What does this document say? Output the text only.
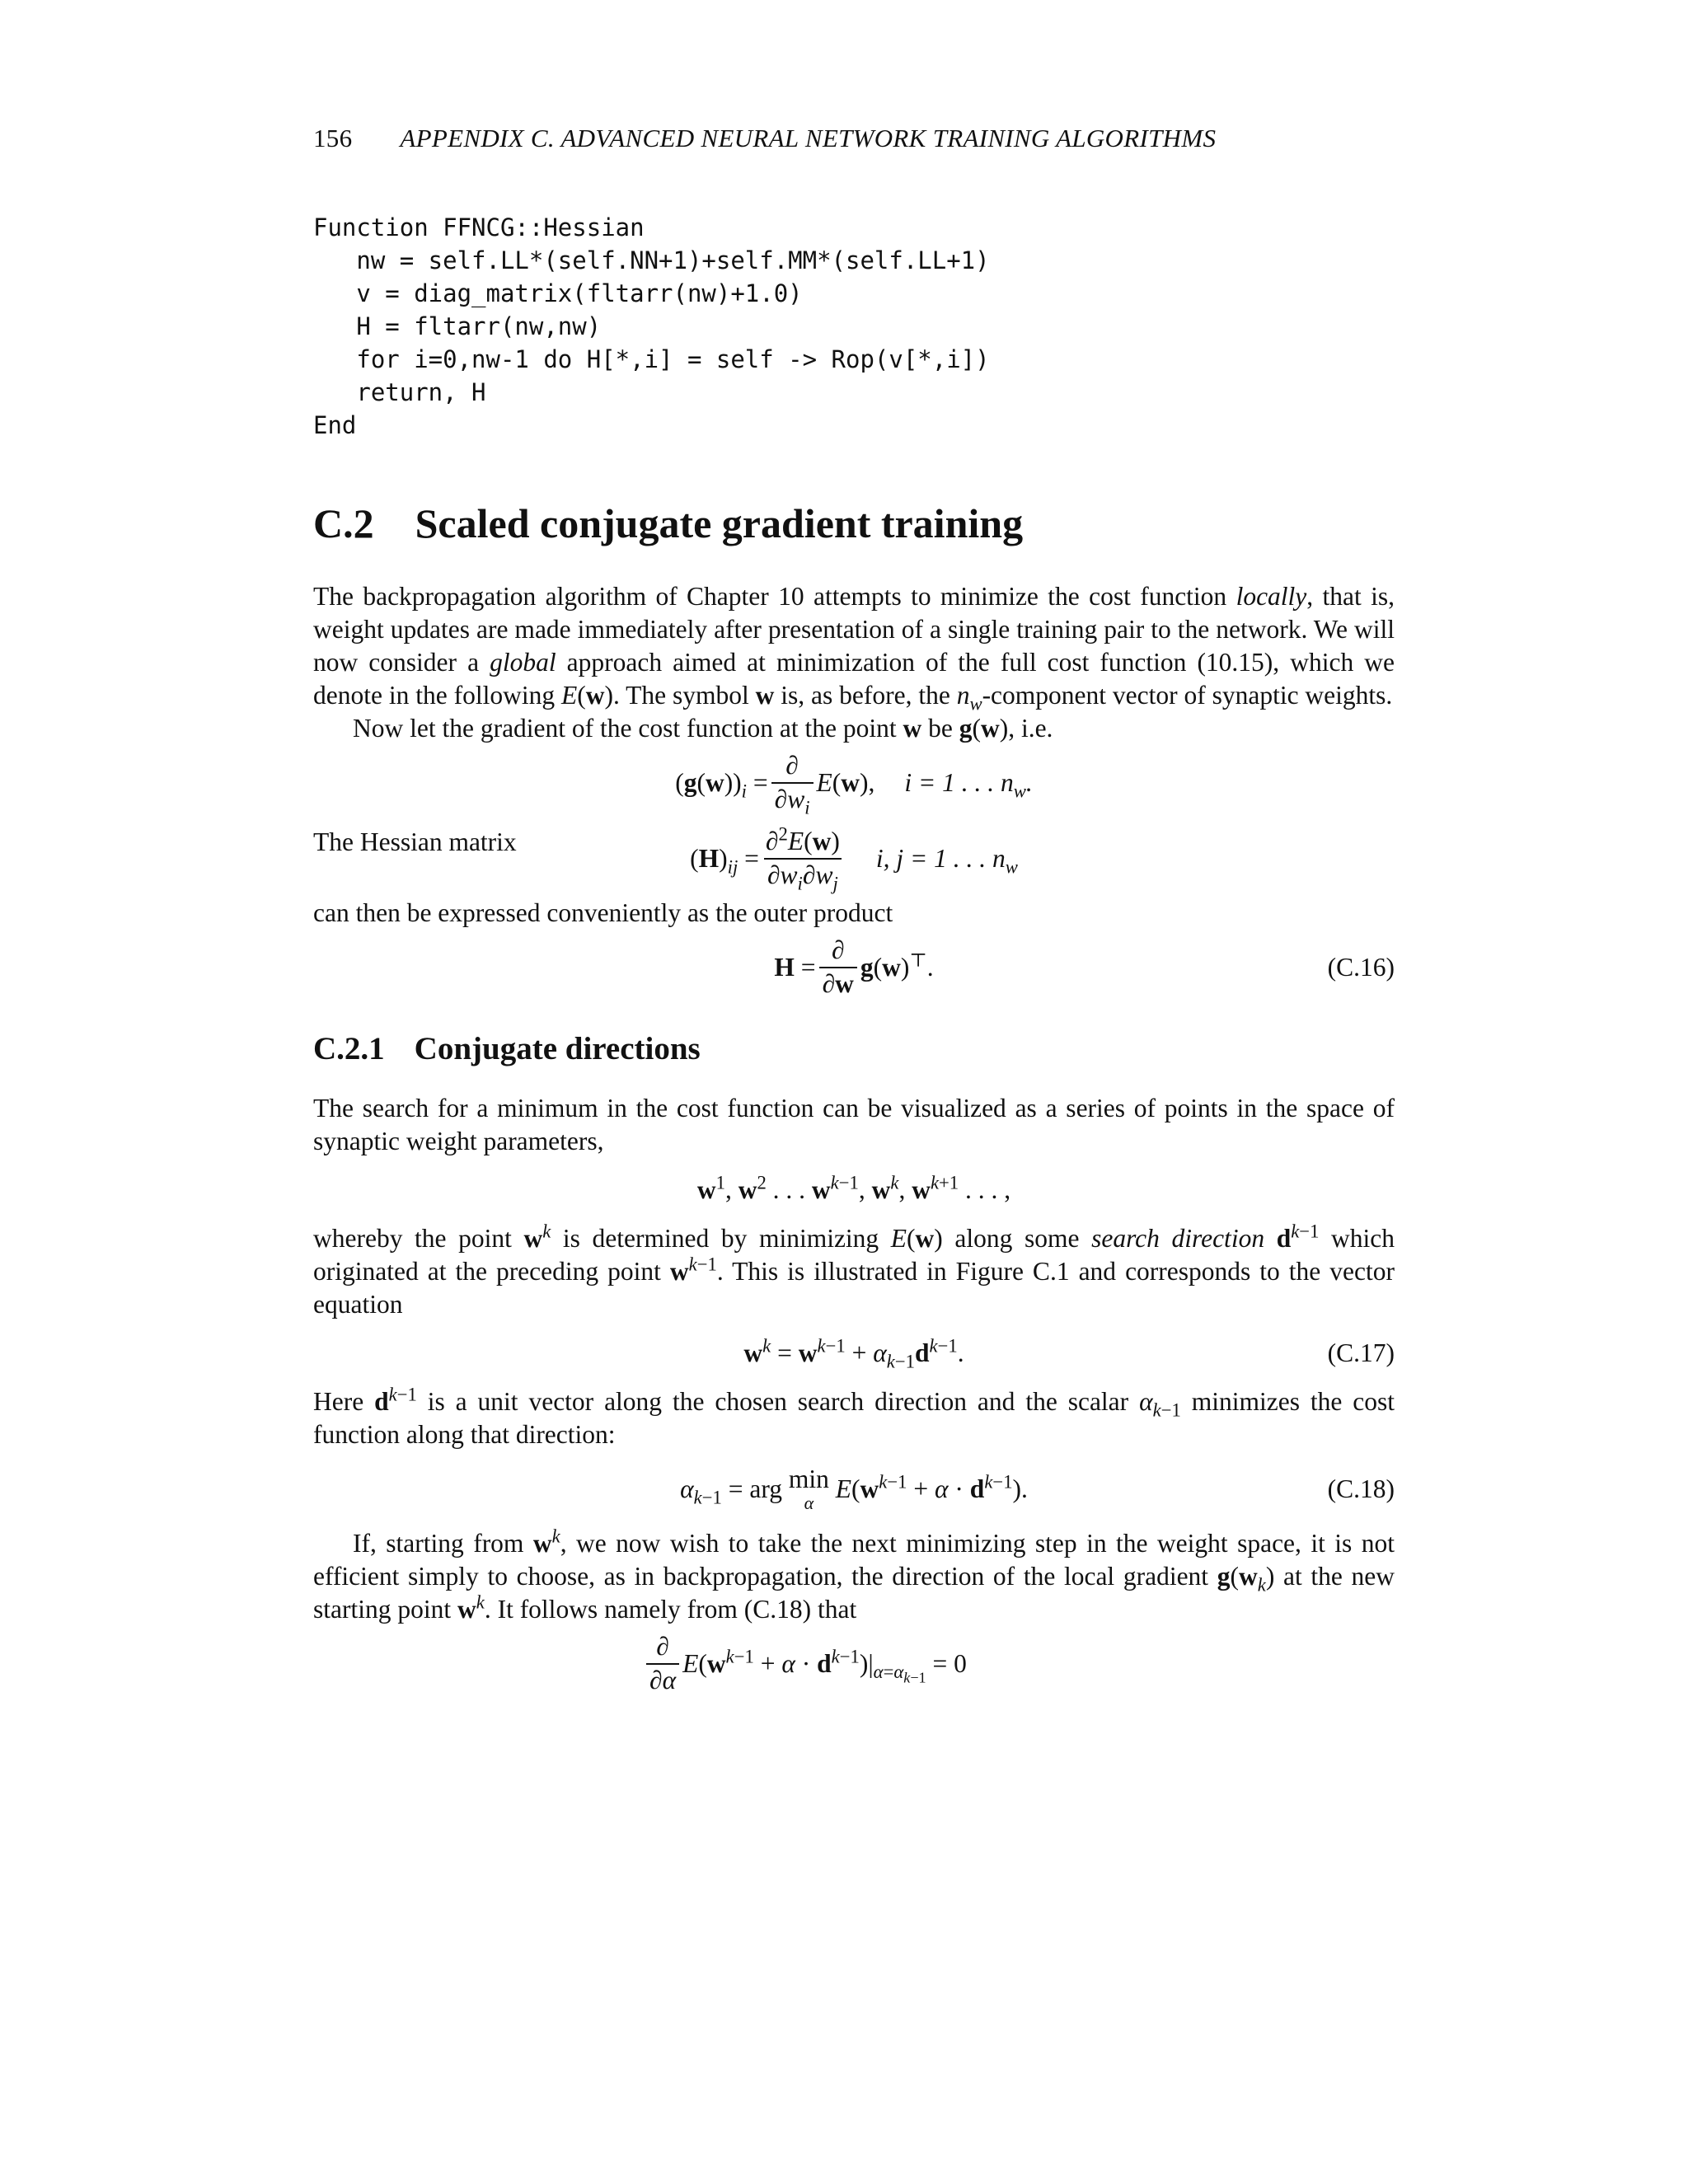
156 APPENDIX C. ADVANCED NEURAL NETWORK TRAINING ALGORITHMS
Function FFNCG::Hessian
nw = self.LL*(self.NN+1)+self.MM*(self.LL+1)
v = diag_matrix(fltarr(nw)+1.0)
H = fltarr(nw,nw)
for i=0,nw-1 do H[*,i] = self -> Rop(v[*,i])
return, H
End
C.2 Scaled conjugate gradient training

The backpropagation algorithm of Chapter 10 attempts to minimize the cost function locally, that is, weight updates are made immediately after presentation of a single training pair to the network. We will now consider a global approach aimed at minimization of the full cost function (10.15), which we denote in the following E(w). The symbol w is, as before, the $n_w$-component vector of synaptic weights.

Now let the gradient of the cost function at the point w be g(w), i.e.

$(g(w))_i = \frac{\partial}{\partial w_i} E(w)$, i = 1 . . . $n_w$.

The Hessian matrix

$(H)_{ij} = \frac{\partial^2E(w)}{\partial w_i\partial w_j} i$, j = 1 . . . $n_w$

can then be expressed conveniently as the outer product

$H = \frac{\partial}{\partial w} g(w)^⊤$.	(C.16)
C.2.1 Conjugate directions

The search for a minimum in the cost function can be visualized as a series of points in the space of synaptic weight parameters,

$w^1$, $w^2$ . . . $w^{k-1}$, $w^k$, $w^{k+1}$ . . . ,

whereby the point $w^k$ is determined by minimizing E(w) along some search direction $d^{k-1}$ which originated at the preceding point $w^{k-1}$. This is illustrated in Figure C.1 and corresponds to the vector equation

$w^k = w^{k-1} + \alpha_{k-1}d^{k-1}$.	(C.17)

Here $d^{k-1}$ is a unit vector along the chosen search direction and the scalar $\alpha_{k-1}$ minimizes the cost function along that direction:

$\alpha_{k-1}$ = arg min
α $E(w^{k-1} + \alpha \cdot d^{k-1})$.	(C.18)

If, starting from $w^k$, we now wish to take the next minimizing step in the weight space, it is not efficient simply to choose, as in backpropagation, the direction of the local gradient $g(w_k)$ at the new starting point $w^k$. It follows namely from (C.18) that

$\frac{\partial}{\partial\alpha} E(w^{k-1} + \alpha \cdot d^{k-1})|_{\alpha=\alpha_{k-1}} = 0$
